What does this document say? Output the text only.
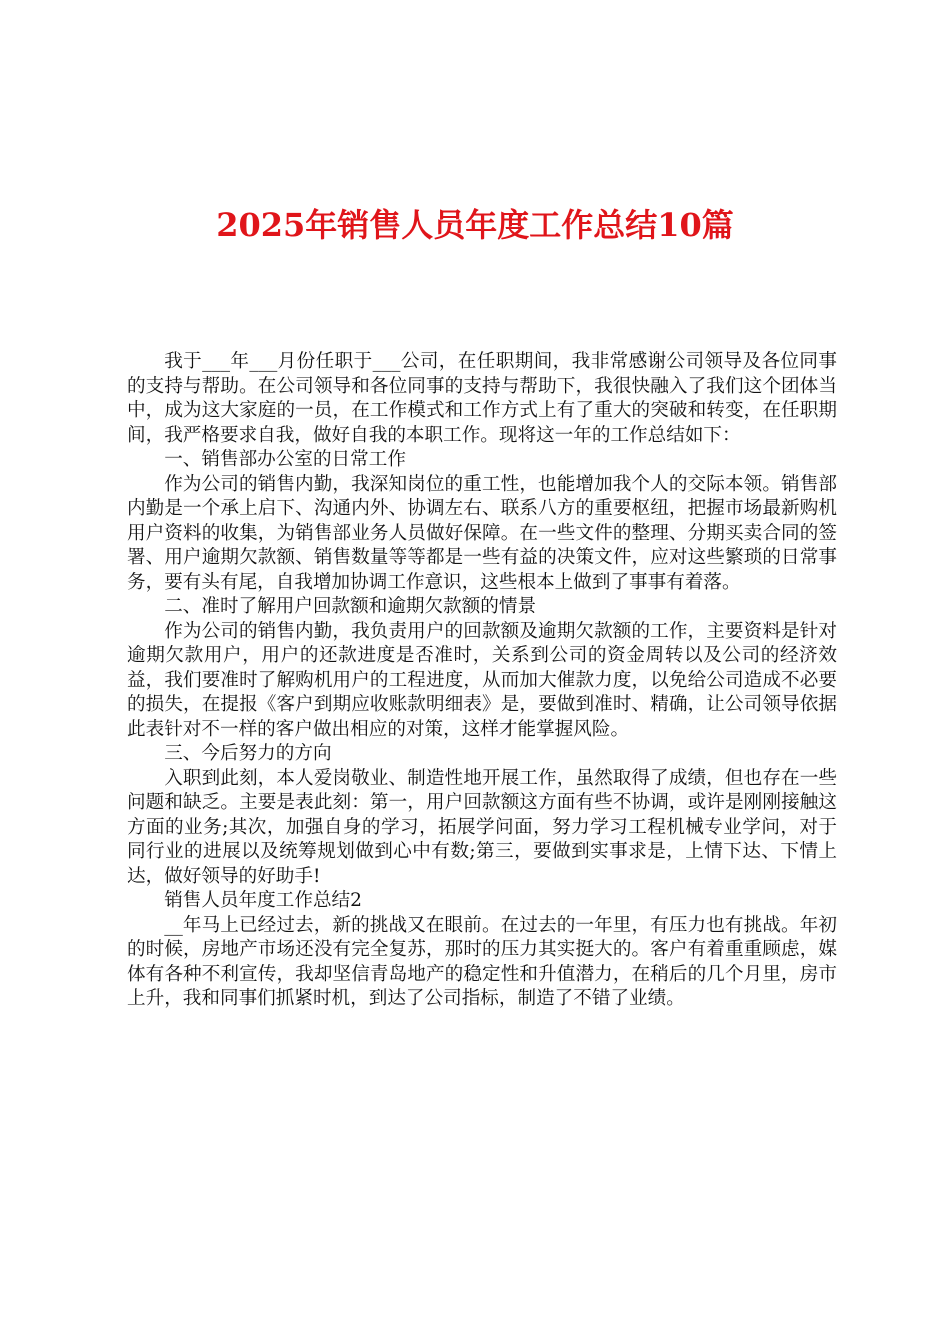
2025年销售人员年度工作总结10篇

我于___年___月份任职于___公司，在任职期间，我非常感谢公司领导及各位同事的支持与帮助。在公司领导和各位同事的支持与帮助下，我很快融入了我们这个团体当中，成为这大家庭的一员，在工作模式和工作方式上有了重大的突破和转变，在任职期间，我严格要求自我，做好自我的本职工作。现将这一年的工作总结如下：

一、销售部办公室的日常工作

作为公司的销售内勤，我深知岗位的重工性，也能增加我个人的交际本领。销售部内勤是一个承上启下、沟通内外、协调左右、联系八方的重要枢纽，把握市场最新购机用户资料的收集，为销售部业务人员做好保障。在一些文件的整理、分期买卖合同的签署、用户逾期欠款额、销售数量等等都是一些有益的决策文件，应对这些繁琐的日常事务，要有头有尾，自我增加协调工作意识，这些根本上做到了事事有着落。

二、准时了解用户回款额和逾期欠款额的情景

作为公司的销售内勤，我负责用户的回款额及逾期欠款额的工作，主要资料是针对逾期欠款用户，用户的还款进度是否准时，关系到公司的资金周转以及公司的经济效益，我们要准时了解购机用户的工程进度，从而加大催款力度，以免给公司造成不必要的损失，在提报《客户到期应收账款明细表》是，要做到准时、精确，让公司领导依据此表针对不一样的客户做出相应的对策，这样才能掌握风险。

三、今后努力的方向

入职到此刻，本人爱岗敬业、制造性地开展工作，虽然取得了成绩，但也存在一些问题和缺乏。主要是表此刻：第一，用户回款额这方面有些不协调，或许是刚刚接触这方面的业务;其次，加强自身的学习，拓展学问面，努力学习工程机械专业学问，对于同行业的进展以及统筹规划做到心中有数;第三，要做到实事求是，上情下达、下情上达，做好领导的好助手!

销售人员年度工作总结2

__年马上已经过去，新的挑战又在眼前。在过去的一年里，有压力也有挑战。年初的时候，房地产市场还没有完全复苏，那时的压力其实挺大的。客户有着重重顾虑，媒体有各种不利宣传，我却坚信青岛地产的稳定性和升值潜力，在稍后的几个月里，房市上升，我和同事们抓紧时机，到达了公司指标，制造了不错了业绩。
